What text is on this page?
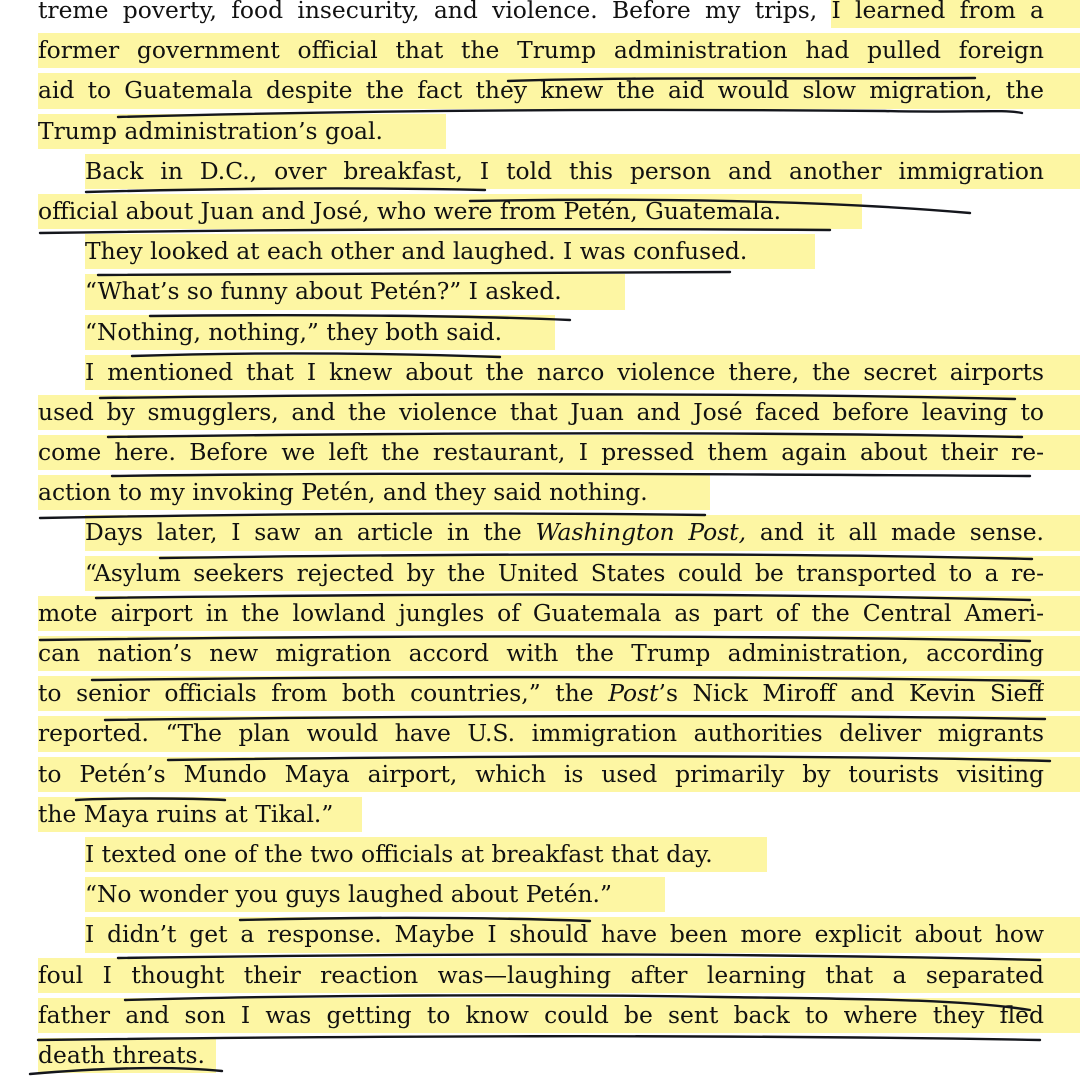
treme poverty, food insecurity, and violence. Before my trips, I learned from a
former government official that the Trump administration had pulled foreign
aid to Guatemala despite the fact they knew the aid would slow migration, the
Trump administration’s goal.
Back in D.C., over breakfast, I told this person and another immigration
official about Juan and José, who were from Petén, Guatemala.
They looked at each other and laughed. I was confused.
“What’s so funny about Petén?” I asked.
“Nothing, nothing,” they both said.
I mentioned that I knew about the narco violence there, the secret airports
used by smugglers, and the violence that Juan and José faced before leaving to
come here. Before we left the restaurant, I pressed them again about their re-
action to my invoking Petén, and they said nothing.
Days later, I saw an article in the Washington Post, and it all made sense.
“Asylum seekers rejected by the United States could be transported to a re-
mote airport in the lowland jungles of Guatemala as part of the Central Ameri-
can nation’s new migration accord with the Trump administration, according
to senior officials from both countries,” the Post’s Nick Miroff and Kevin Sieff
reported. “The plan would have U.S. immigration authorities deliver migrants
to Petén’s Mundo Maya airport, which is used primarily by tourists visiting
the Maya ruins at Tikal.”
I texted one of the two officials at breakfast that day.
“No wonder you guys laughed about Petén.”
I didn’t get a response. Maybe I should have been more explicit about how
foul I thought their reaction was—laughing after learning that a separated
father and son I was getting to know could be sent back to where they fled
death threats.
